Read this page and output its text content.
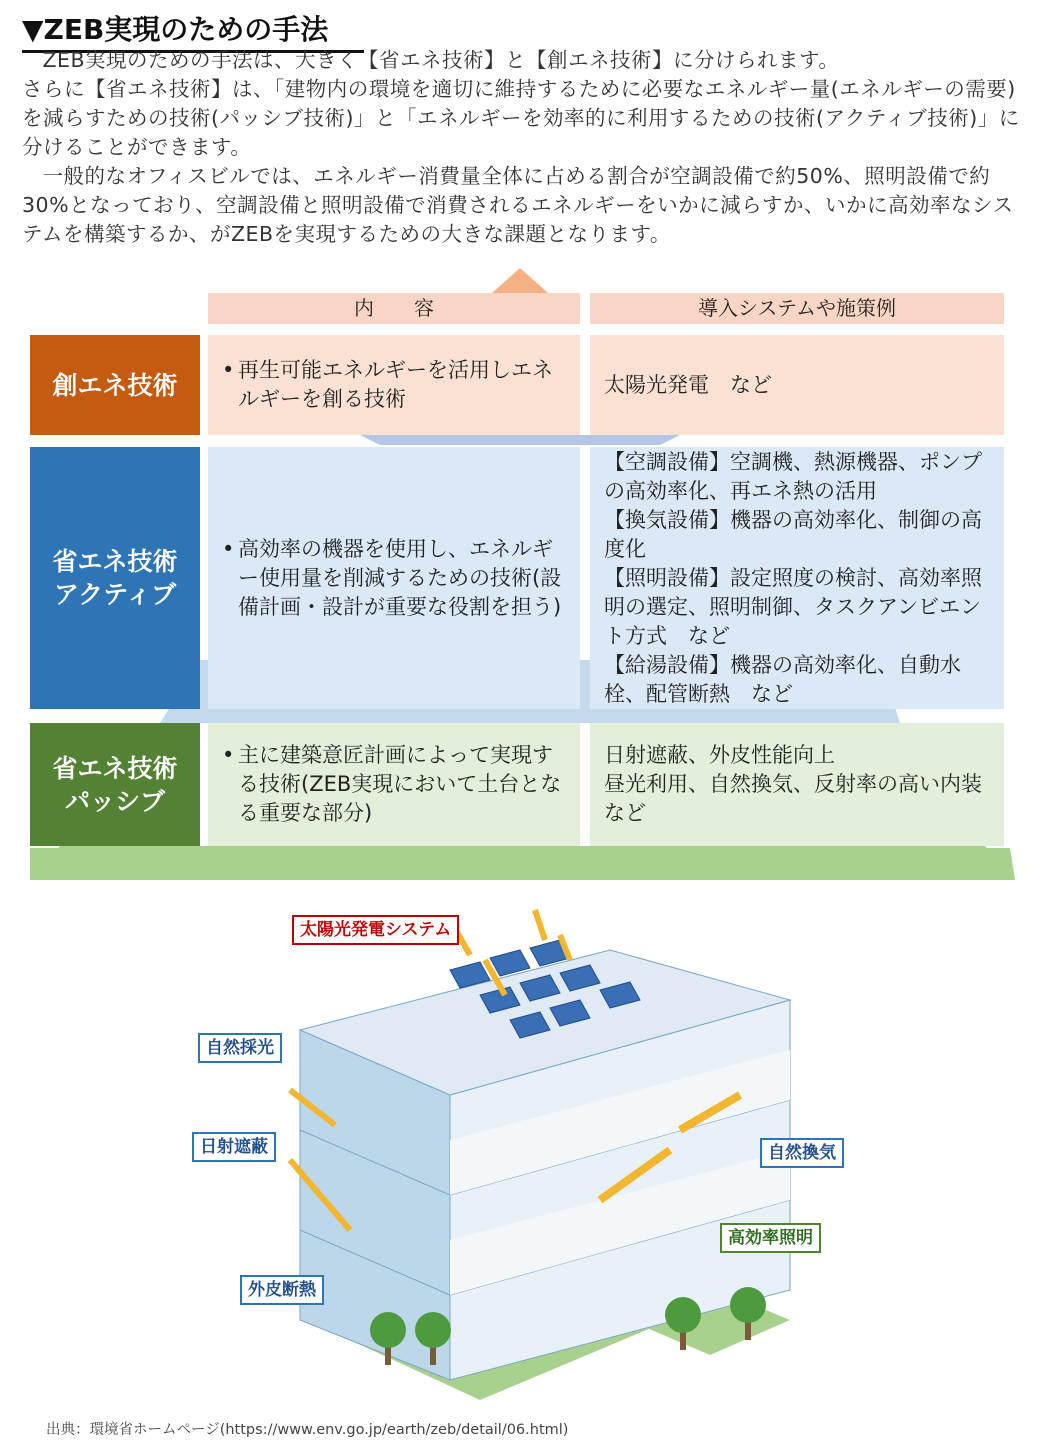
▼ZEB実現のための手法

ZEB実現のための手法は、大きく【省エネ技術】と【創エネ技術】に分けられます。

さらに【省エネ技術】は、「建物内の環境を適切に維持するために必要なエネルギー量(エネルギーの需要)を減らすための技術(パッシブ技術)」と「エネルギーを効率的に利用するための技術(アクティブ技術)」に分けることができます。

一般的なオフィスビルでは、エネルギー消費量全体に占める割合が空調設備で約50%、照明設備で約30%となっており、空調設備と照明設備で消費されるエネルギーをいかに減らすか、いかに高効率なシステムを構築するか、がZEBを実現するための大きな課題となります。

内　　容	導入システムや施策例
創エネ技術
• 再生可能エネルギーを活用しエネルギーを創る技術
太陽光発電　など
省エネ技術
アクティブ
• 高効率の機器を使用し、エネルギー使用量を削減するための技術(設備計画・設計が重要な役割を担う)
【空調設備】空調機、熱源機器、ポンプの高効率化、再エネ熱の活用
【換気設備】機器の高効率化、制御の高度化
【照明設備】設定照度の検討、高効率照明の選定、照明制御、タスクアンビエント方式　など
【給湯設備】機器の高効率化、自動水栓、配管断熱　など
省エネ技術
パッシブ
• 主に建築意匠計画によって実現する技術(ZEB実現において土台となる重要な部分)
日射遮蔽、外皮性能向上
昼光利用、自然換気、反射率の高い内装　など
太陽光発電システム
自然採光
日射遮蔽
外皮断熱
自然換気
高効率照明
出典：環境省ホームページ(https://www.env.go.jp/earth/zeb/detail/06.html)
